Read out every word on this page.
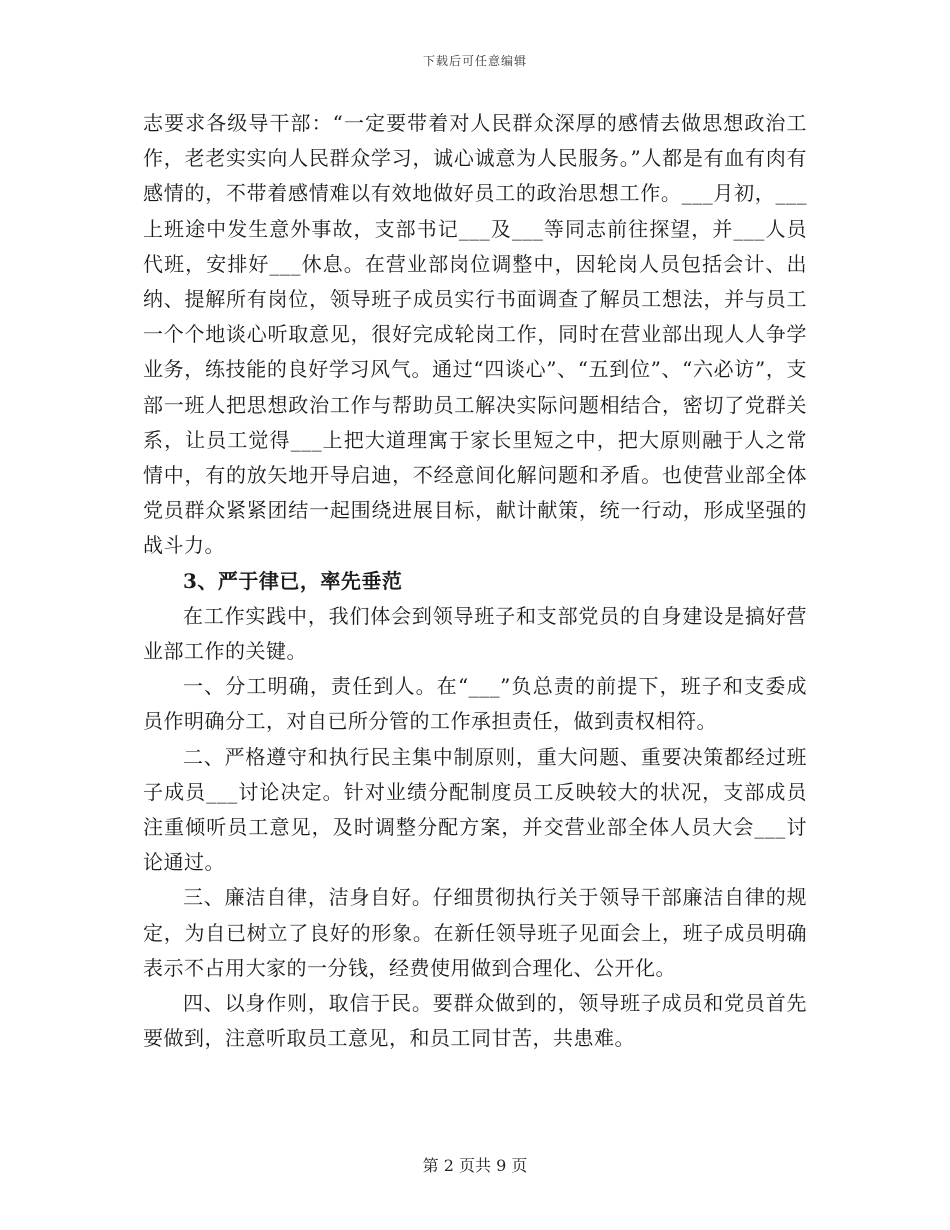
下载后可任意编辑

志要求各级导干部：“一定要带着对人民群众深厚的感情去做思想政治工作，老老实实向人民群众学习，诚心诚意为人民服务。”人都是有血有肉有感情的，不带着感情难以有效地做好员工的政治思想工作。___月初，___上班途中发生意外事故，支部书记___及___等同志前往探望，并___人员代班，安排好___休息。在营业部岗位调整中，因轮岗人员包括会计、出纳、提解所有岗位，领导班子成员实行书面调查了解员工想法，并与员工一个个地谈心听取意见，很好完成轮岗工作，同时在营业部出现人人争学业务，练技能的良好学习风气。通过“四谈心”、“五到位”、“六必访”，支部一班人把思想政治工作与帮助员工解决实际问题相结合，密切了党群关系，让员工觉得___上把大道理寓于家长里短之中，把大原则融于人之常情中，有的放矢地开导启迪，不经意间化解问题和矛盾。也使营业部全体党员群众紧紧团结一起围绕进展目标，献计献策，统一行动，形成坚强的战斗力。

3、严于律已，率先垂范

在工作实践中，我们体会到领导班子和支部党员的自身建设是搞好营业部工作的关键。

一、分工明确，责任到人。在“___”负总责的前提下，班子和支委成员作明确分工，对自已所分管的工作承担责任，做到责权相符。

二、严格遵守和执行民主集中制原则，重大问题、重要决策都经过班子成员___讨论决定。针对业绩分配制度员工反映较大的状况，支部成员注重倾听员工意见，及时调整分配方案，并交营业部全体人员大会___讨论通过。

三、廉洁自律，洁身自好。仔细贯彻执行关于领导干部廉洁自律的规定，为自已树立了良好的形象。在新任领导班子见面会上，班子成员明确表示不占用大家的一分钱，经费使用做到合理化、公开化。

四、以身作则，取信于民。要群众做到的，领导班子成员和党员首先要做到，注意听取员工意见，和员工同甘苦，共患难。

第 2 页共 9 页
